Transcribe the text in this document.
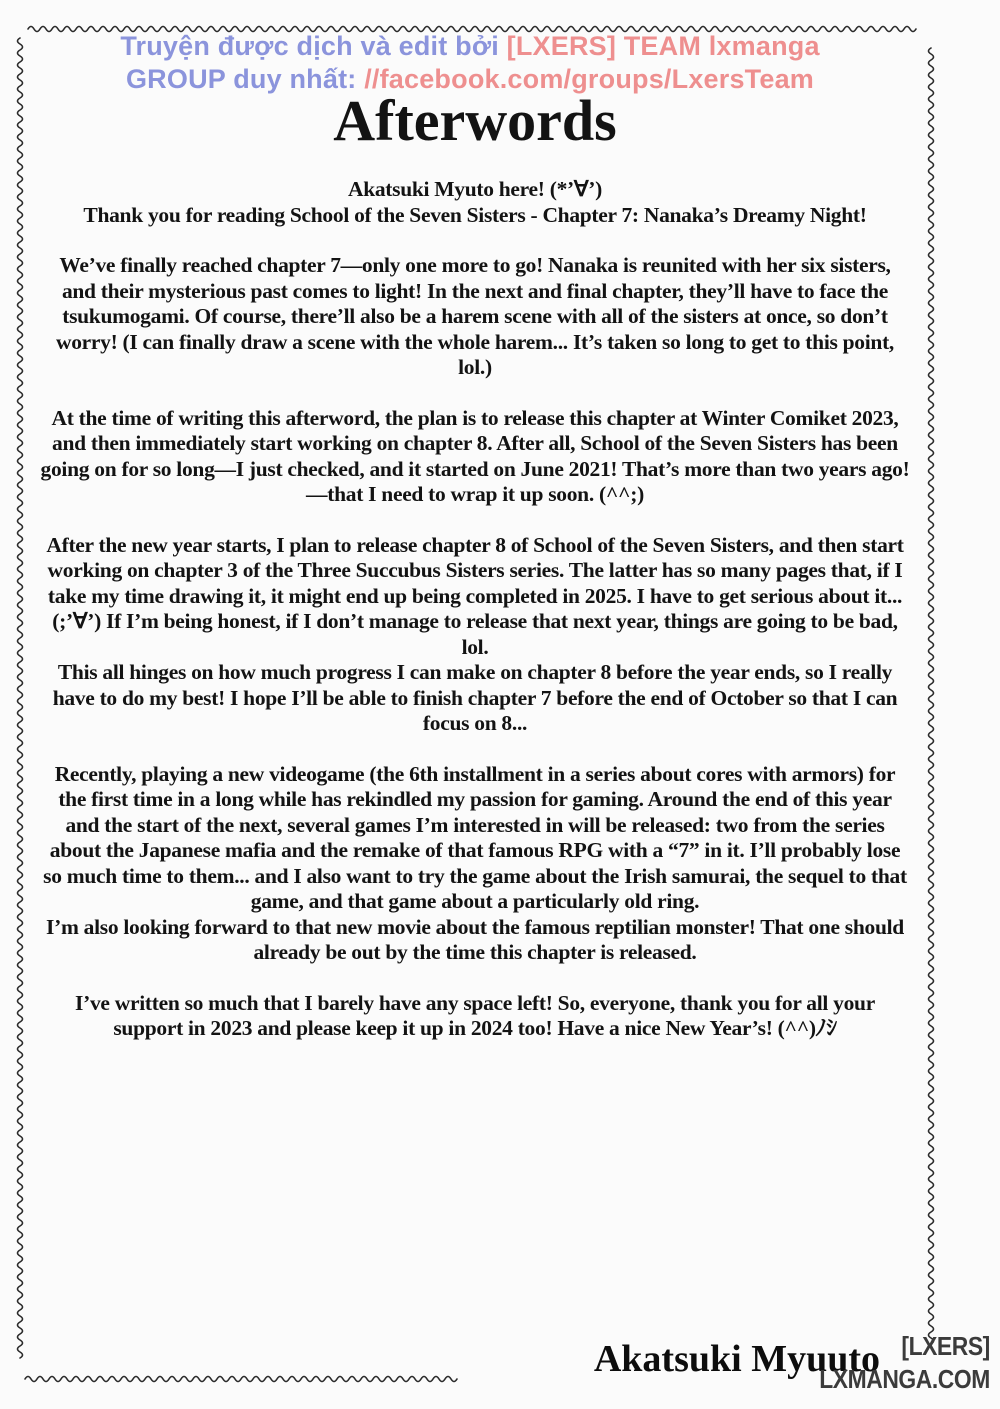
Truyện được dịch và edit bởi [LXERS] TEAM lxmanga
GROUP duy nhất: //facebook.com/groups/LxersTeam
Afterwords

Akatsuki Myuto here! (*’∀’)

Thank you for reading School of the Seven Sisters - Chapter 7: Nanaka’s Dreamy Night!

We’ve finally reached chapter 7—only one more to go! Nanaka is reunited with her six sisters, and their mysterious past comes to light! In the next and final chapter, they’ll have to face the tsukumogami. Of course, there’ll also be a harem scene with all of the sisters at once, so don’t worry! (I can finally draw a scene with the whole harem... It’s taken so long to get to this point, lol.)

At the time of writing this afterword, the plan is to release this chapter at Winter Comiket 2023, and then immediately start working on chapter 8. After all, School of the Seven Sisters has been going on for so long—I just checked, and it started on June 2021! That’s more than two years ago!—that I need to wrap it up soon. (^^;)

After the new year starts, I plan to release chapter 8 of School of the Seven Sisters, and then start working on chapter 3 of the Three Succubus Sisters series. The latter has so many pages that, if I take my time drawing it, it might end up being completed in 2025. I have to get serious about it... (;’∀’) If I’m being honest, if I don’t manage to release that next year, things are going to be bad, lol.

This all hinges on how much progress I can make on chapter 8 before the year ends, so I really have to do my best! I hope I’ll be able to finish chapter 7 before the end of October so that I can focus on 8...

Recently, playing a new videogame (the 6th installment in a series about cores with armors) for the first time in a long while has rekindled my passion for gaming. Around the end of this year and the start of the next, several games I’m interested in will be released: two from the series about the Japanese mafia and the remake of that famous RPG with a “7” in it. I’ll probably lose so much time to them... and I also want to try the game about the Irish samurai, the sequel to that game, and that game about a particularly old ring.

I’m also looking forward to that new movie about the famous reptilian monster! That one should already be out by the time this chapter is released.

I’ve written so much that I barely have any space left! So, everyone, thank you for all your support in 2023 and please keep it up in 2024 too! Have a nice New Year’s! (^^)ﾉｼ

Akatsuki Myuuto [LXERS]
LXMANGA.COM
